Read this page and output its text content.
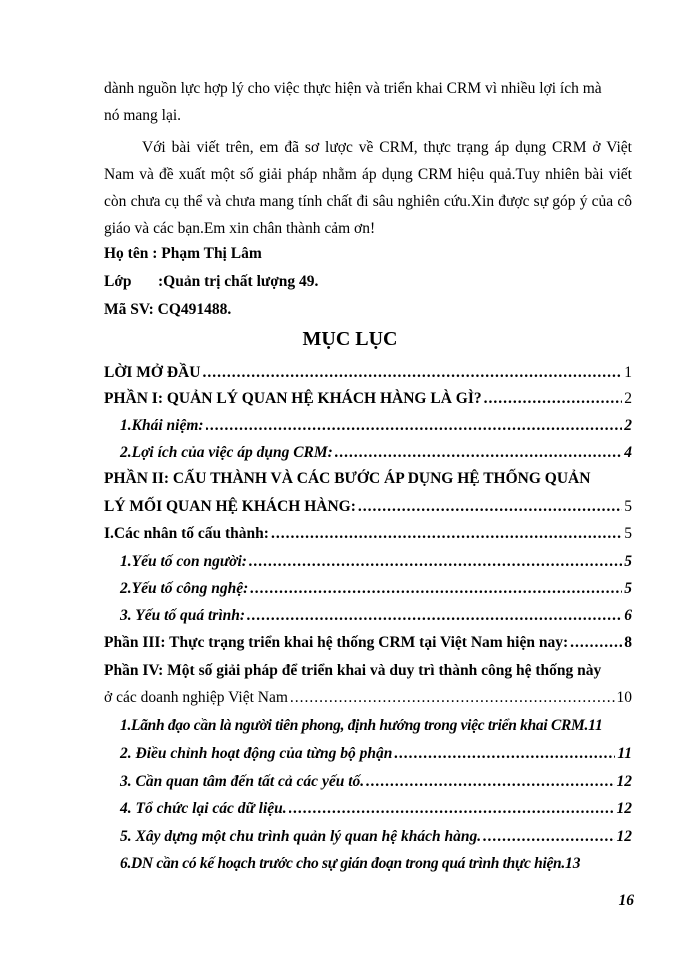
dành nguồn lực hợp lý cho việc thực hiện và triển khai CRM vì nhiều lợi ích mà
nó mang lại.
Với bài viết trên, em đã sơ lược về CRM, thực trạng áp dụng CRM ở Việt Nam và đề xuất một số giải pháp nhằm áp dụng CRM hiệu quả.Tuy nhiên bài viết còn chưa cụ thể và chưa mang tính chất đi sâu nghiên cứu.Xin được sự góp ý của cô giáo và các bạn.Em xin chân thành cảm ơn!
Họ tên : Phạm Thị Lâm
Lớp :Quản trị chất lượng 49.
Mã SV: CQ491488.
MỤC LỤC
LỜI MỞ ĐẦU .....	1
PHẦN I: QUẢN LÝ QUAN HỆ KHÁCH HÀNG LÀ GÌ? .....	2
1.Khái niệm: .....	2
2.Lợi ích của việc áp dụng CRM: .....	4
PHẦN II: CẤU THÀNH VÀ CÁC BƯỚC ÁP DỤNG HỆ THỐNG QUẢN
LÝ MỐI QUAN HỆ KHÁCH HÀNG: .....	5
I.Các nhân tố cấu thành: .....	5
1.Yếu tố con người: .....	5
2.Yếu tố công nghệ: .....	5
3. Yếu tố quá trình: .....	6
Phần III: Thực trạng triển khai hệ thống CRM tại Việt Nam hiện nay: .....	8
Phần IV: Một số giải pháp để triển khai và duy trì thành công hệ thống này
ở các doanh nghiệp Việt Nam .....	10
1.Lãnh đạo cần là người tiên phong, định hướng trong việc triển khai CRM. 11
2. Điều chỉnh hoạt động của từng bộ phận .....	11
3. Cần quan tâm đến tất cả các yếu tố. .....	12
4. Tổ chức lại các dữ liệu. .....	12
5. Xây dựng một chu trình quản lý quan hệ khách hàng. .....	12
6.DN cần có kế hoạch trước cho sự gián đoạn trong quá trình thực hiện. 13
16
